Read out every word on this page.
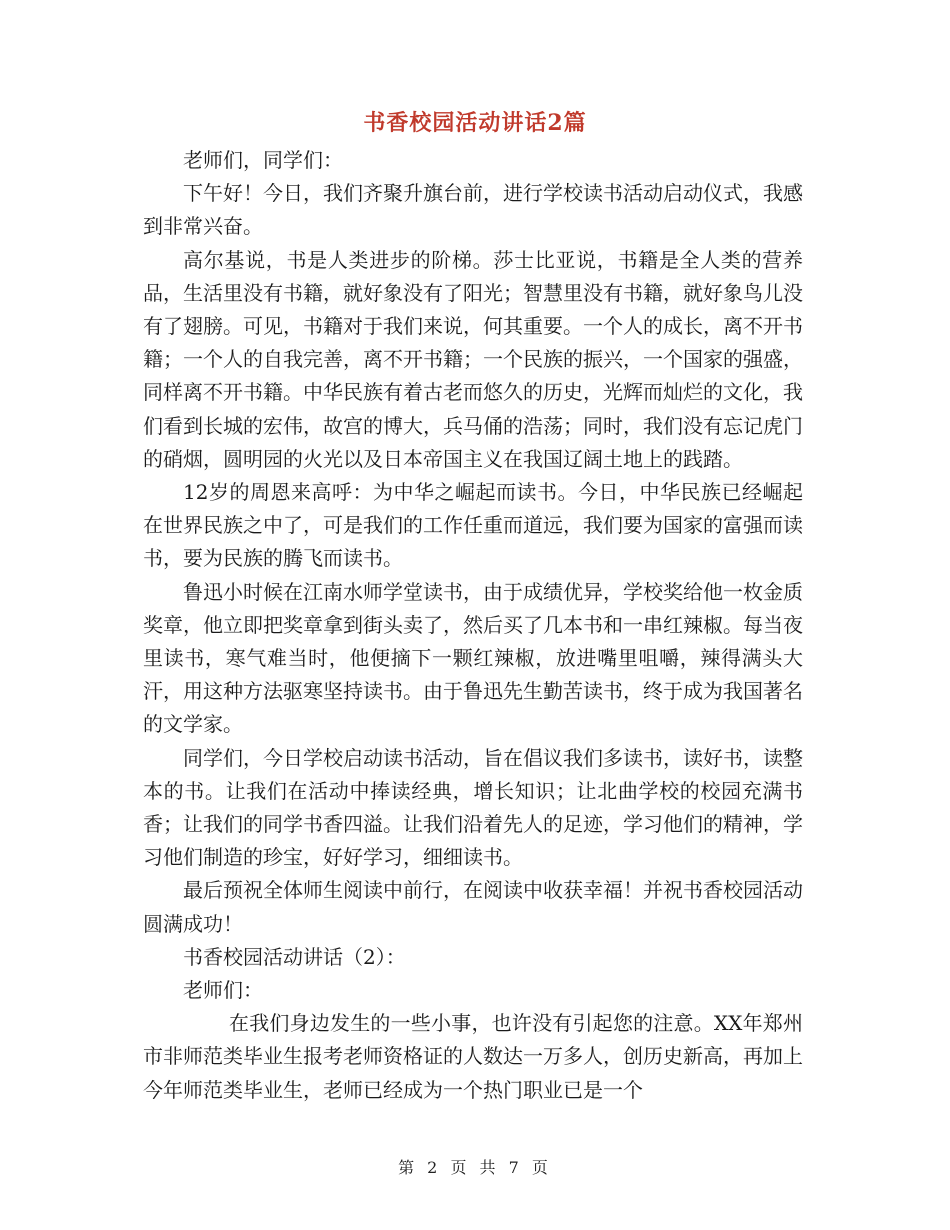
书香校园活动讲话2篇

老师们，同学们：

下午好！今日，我们齐聚升旗台前，进行学校读书活动启动仪式，我感到非常兴奋。

高尔基说，书是人类进步的阶梯。莎士比亚说，书籍是全人类的营养品，生活里没有书籍，就好象没有了阳光；智慧里没有书籍，就好象鸟儿没有了翅膀。可见，书籍对于我们来说，何其重要。一个人的成长，离不开书籍；一个人的自我完善，离不开书籍；一个民族的振兴，一个国家的强盛，同样离不开书籍。中华民族有着古老而悠久的历史，光辉而灿烂的文化，我们看到长城的宏伟，故宫的博大，兵马俑的浩荡；同时，我们没有忘记虎门的硝烟，圆明园的火光以及日本帝国主义在我国辽阔土地上的践踏。

12岁的周恩来高呼：为中华之崛起而读书。今日，中华民族已经崛起在世界民族之中了，可是我们的工作任重而道远，我们要为国家的富强而读书，要为民族的腾飞而读书。

鲁迅小时候在江南水师学堂读书，由于成绩优异，学校奖给他一枚金质奖章，他立即把奖章拿到街头卖了，然后买了几本书和一串红辣椒。每当夜里读书，寒气难当时，他便摘下一颗红辣椒，放进嘴里咀嚼，辣得满头大汗，用这种方法驱寒坚持读书。由于鲁迅先生勤苦读书，终于成为我国著名的文学家。

同学们，今日学校启动读书活动，旨在倡议我们多读书，读好书，读整本的书。让我们在活动中捧读经典，增长知识；让北曲学校的校园充满书香；让我们的同学书香四溢。让我们沿着先人的足迹，学习他们的精神，学习他们制造的珍宝，好好学习，细细读书。

最后预祝全体师生阅读中前行，在阅读中收获幸福！并祝书香校园活动圆满成功！

书香校园活动讲话（2）：

老师们：

在我们身边发生的一些小事，也许没有引起您的注意。XX年郑州市非师范类毕业生报考老师资格证的人数达一万多人，创历史新高，再加上今年师范类毕业生，老师已经成为一个热门职业已是一个

第 2 页 共 7 页
